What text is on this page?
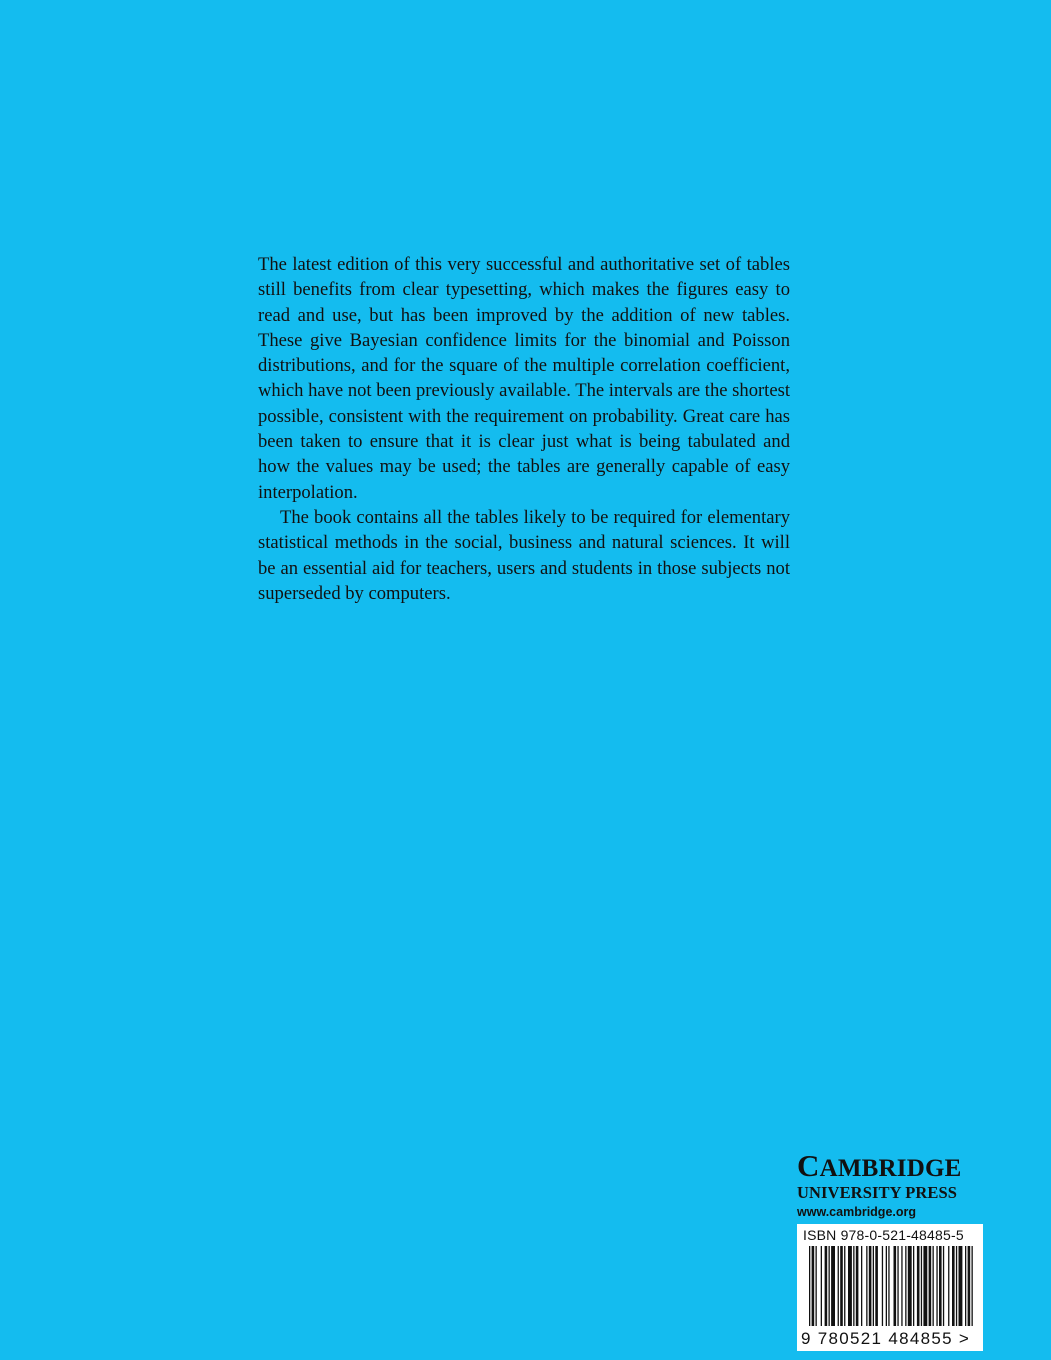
The latest edition of this very successful and authoritative set of tables still benefits from clear typesetting, which makes the figures easy to read and use, but has been improved by the addition of new tables. These give Bayesian confidence limits for the binomial and Poisson distributions, and for the square of the multiple correlation coefficient, which have not been previously available. The intervals are the shortest possible, consistent with the requirement on probability. Great care has been taken to ensure that it is clear just what is being tabulated and how the values may be used; the tables are generally capable of easy interpolation.

The book contains all the tables likely to be required for elementary statistical methods in the social, business and natural sciences. It will be an essential aid for teachers, users and students in those subjects not superseded by computers.

CAMBRIDGE
UNIVERSITY PRESS
www.cambridge.org
ISBN 978-0-521-48485-5
9 780521 484855 >
